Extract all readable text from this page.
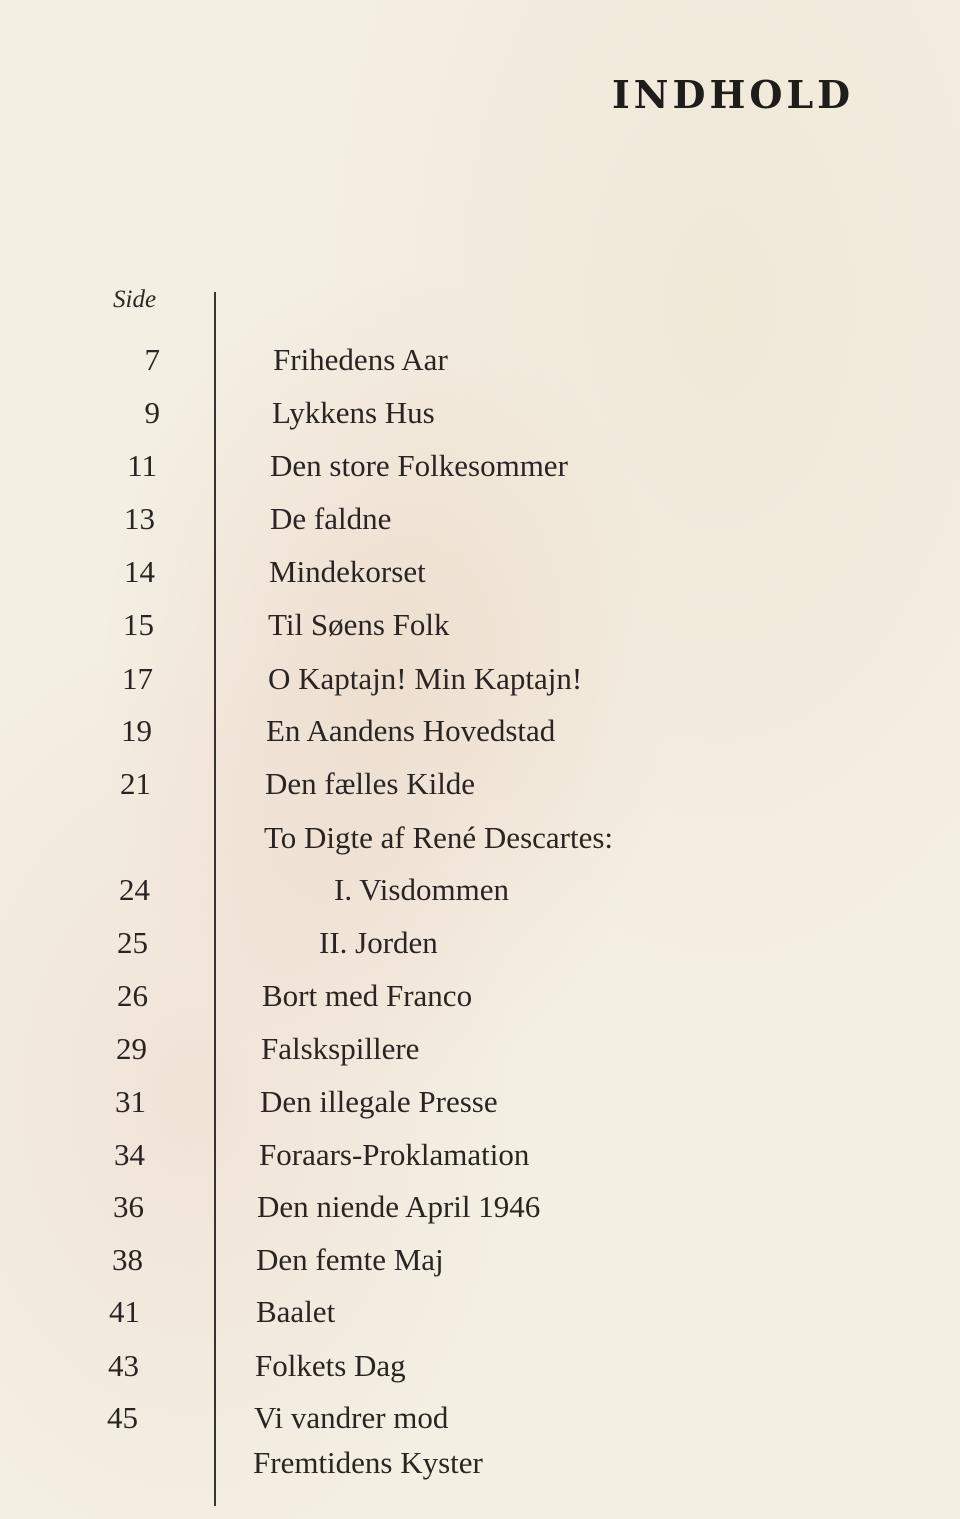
INDHOLD
Side
7	Frihedens Aar
9	Lykkens Hus
11	Den store Folkesommer
13	De faldne
14	Mindekorset
15	Til Søens Folk
17	O Kaptajn! Min Kaptajn!
19	En Aandens Hovedstad
21	Den fælles Kilde
To Digte af René Descartes:
24	I. Visdommen
25	II. Jorden
26	Bort med Franco
29	Falskspillere
31	Den illegale Presse
34	Foraars-Proklamation
36	Den niende April 1946
38	Den femte Maj
41	Baalet
43	Folkets Dag
45	Vi vandrer mod
Fremtidens Kyster
